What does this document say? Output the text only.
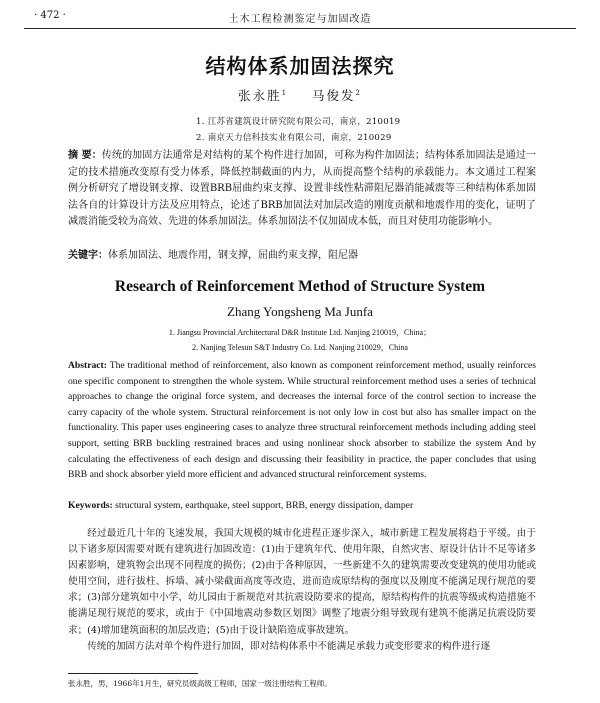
· 472 ·	土木工程检测鉴定与加固改造
结构体系加固法探究
张永胜$^1$ 马俊发$^2$
1. 江苏省建筑设计研究院有限公司，南京，210019
2. 南京天力信科技实业有限公司，南京，210029
摘 要：传统的加固方法通常是对结构的某个构件进行加固，可称为构件加固法；结构体系加固法是通过一定的技术措施改变原有受力体系，降低控制截面的内力，从而提高整个结构的承载能力。本文通过工程案例分析研究了增设钢支撑、设置BRB屈曲约束支撑、设置非线性粘滞阻尼器消能减震等三种结构体系加固法各自的计算设计方法及应用特点，论述了BRB加固法对加层改造的刚度贡献和地震作用的变化，证明了减震消能受较为高效、先进的体系加固法。体系加固法不仅加固成本低，而且对使用功能影响小。
关键字：体系加固法、地震作用，钢支撑，屈曲约束支撑，阻尼器
Research of Reinforcement Method of Structure System
Zhang Yongsheng Ma Junfa
1. Jiangsu Provincial Architectural D&R Institute Ltd. Nanjing 210019，China；
2. Nanjing Telesun S&T Industry Co. Ltd. Nanjing 210029，China
Abstract: The traditional method of reinforcement, also known as component reinforcement method, usually reinforces one specific component to strengthen the whole system. While structural reinforcement method uses a series of technical approaches to change the original force system, and decreases the internal force of the control section to increase the carry capacity of the whole system. Structural reinforcement is not only low in cost but also has smaller impact on the functionality. This paper uses engineering cases to analyze three structural reinforcement methods including adding steel support, setting BRB buckling restrained braces and using nonlinear shock absorber to stabilize the system And by calculating the effectiveness of each design and discussing their feasibility in practice, the paper concludes that using BRB and shock absorber yield more efficient and advanced structural reinforcement systems.
Keywords: structural system, earthquake, steel support, BRB, energy dissipation, damper

经过最近几十年的飞速发展，我国大规模的城市化进程正逐步深入，城市新建工程发展将趋于平缓。由于以下诸多原因需要对既有建筑进行加固改造：(1)由于建筑年代、使用年限，自然灾害、原设计估计不足等诸多因素影响，建筑物会出现不同程度的损伤；(2)由于各种原因，一些新建不久的建筑需要改变建筑的使用功能或使用空间，进行拔柱、拆墙、减小梁截面高度等改造，进而造成原结构的强度以及刚度不能满足现行规范的要求；(3)部分建筑如中小学、幼儿园由于新规范对其抗震设防要求的提高，原结构构件的抗震等级或构造措施不能满足现行规范的要求，或由于《中国地震动参数区划图》调整了地震分组导致现有建筑不能满足抗震设防要求；(4)增加建筑面积的加层改造；(5)由于设计缺陷造成事故建筑。

传统的加固方法对单个构件进行加固，即对结构体系中不能满足承载力或变形要求的构件进行逐

张永胜，男，1966年1月生，研究员级高级工程师，国家一级注册结构工程师。
